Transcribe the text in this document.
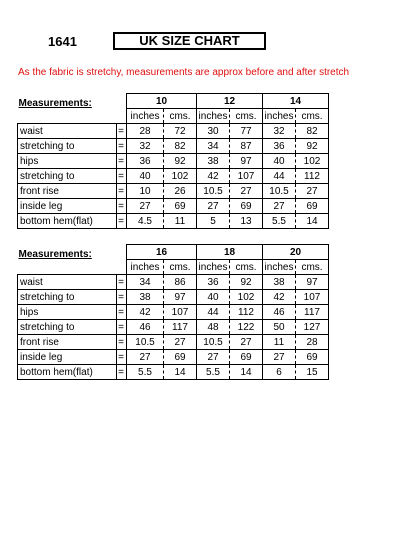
1641	UK SIZE CHART
As the fabric is stretchy, measurements are approx before and after stretch
Measurements:		10		12		14	
		inches	cms.	inches	cms.	inches	cms.
waist	=	28	72	30	77	32	82
stretching to	=	32	82	34	87	36	92
hips	=	36	92	38	97	40	102
stretching to	=	40	102	42	107	44	112
front rise	=	10	26	10.5	27	10.5	27
inside leg	=	27	69	27	69	27	69
bottom hem(flat)	=	4.5	11	5	13	5.5	14
Measurements:		16		18		20	
		inches	cms.	inches	cms.	inches	cms.
waist	=	34	86	36	92	38	97
stretching to	=	38	97	40	102	42	107
hips	=	42	107	44	112	46	117
stretching to	=	46	117	48	122	50	127
front rise	=	10.5	27	10.5	27	11	28
inside leg	=	27	69	27	69	27	69
bottom hem(flat)	=	5.5	14	5.5	14	6	15
